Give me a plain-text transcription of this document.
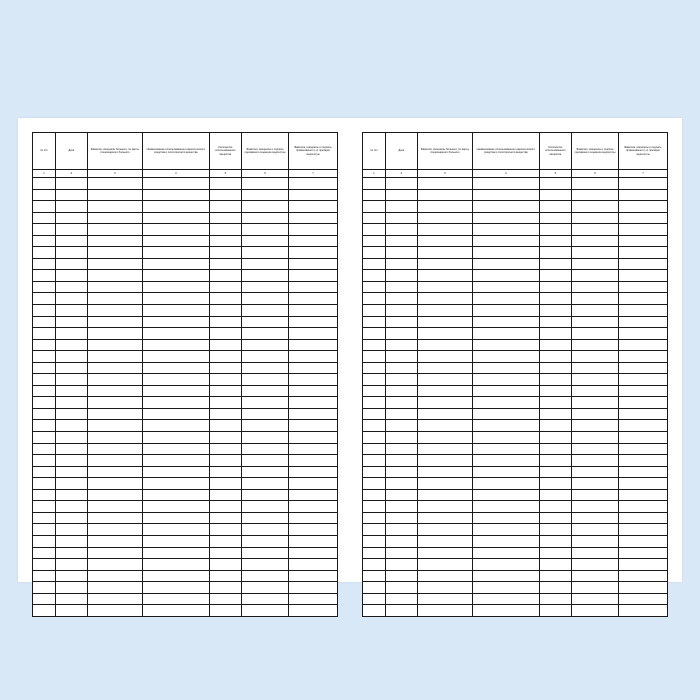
№ п/п	Дата	Фамилия, инициалы больного, № карты стационарного больного	Наименование использованного наркотического средства и психотропного вещества	Количество использованного вещества	Фамилия, инициалы и подпись сделавшего инъекцию медсестры	Фамилия, инициалы и подпись, применившего (-х) препарат медсестры
1	2	3	4	5	6	7

№ п/п	Дата	Фамилия, инициалы больного, № карты стационарного больного	Наименование использованного наркотического средства и психотропного вещества	Количество использованного вещества	Фамилия, инициалы и подпись сделавшего инъекцию медсестры	Фамилия, инициалы и подпись, применившего (-х) препарат медсестры
1	2	3	4	5	6	7
